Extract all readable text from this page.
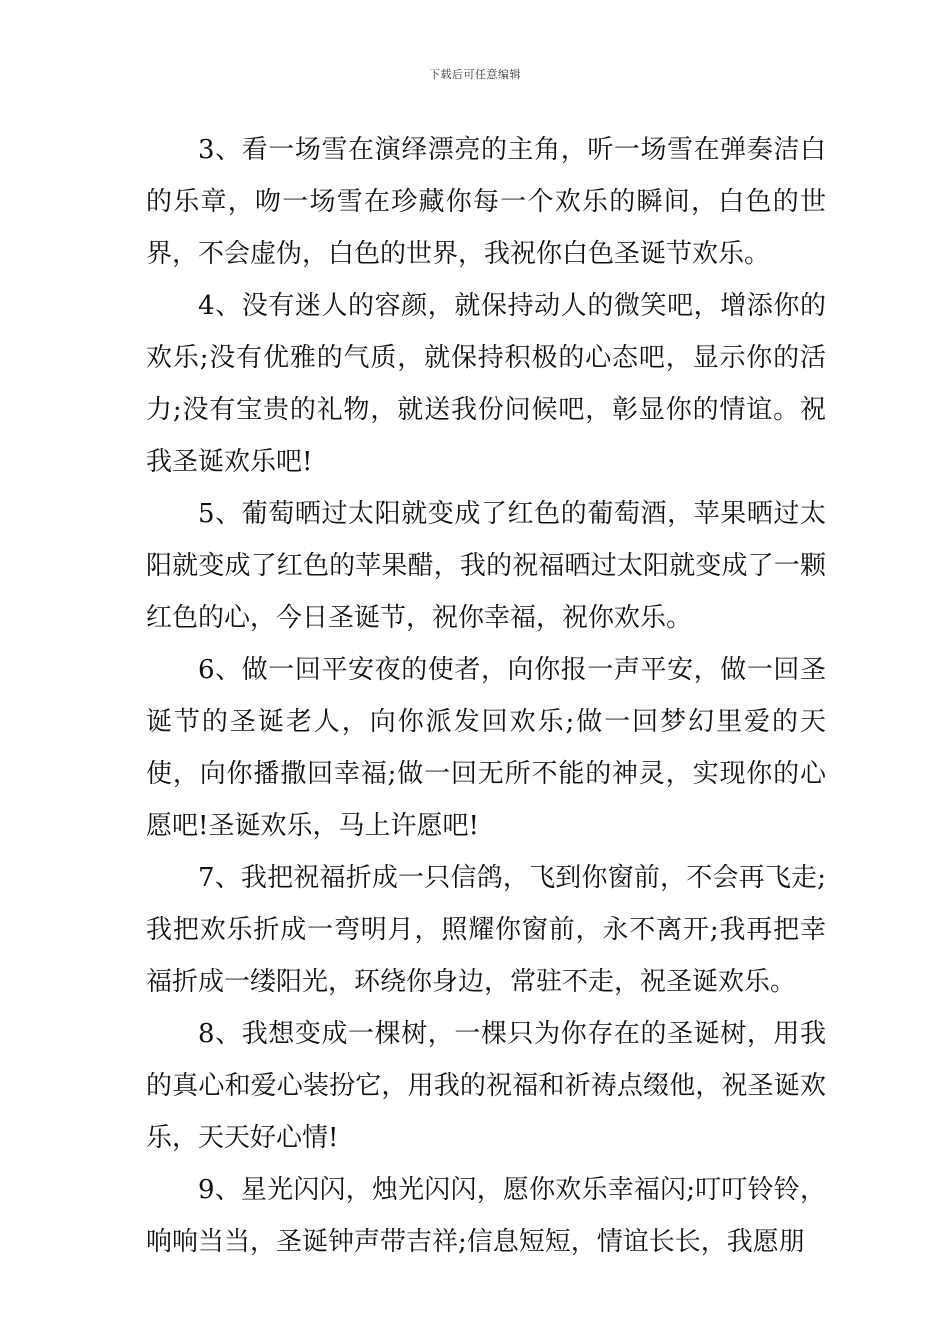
下载后可任意编辑

3、看一场雪在演绎漂亮的主角，听一场雪在弹奏洁白的乐章，吻一场雪在珍藏你每一个欢乐的瞬间，白色的世界，不会虚伪，白色的世界，我祝你白色圣诞节欢乐。

4、没有迷人的容颜，就保持动人的微笑吧，增添你的欢乐;没有优雅的气质，就保持积极的心态吧，显示你的活力;没有宝贵的礼物，就送我份问候吧，彰显你的情谊。祝我圣诞欢乐吧!

5、葡萄晒过太阳就变成了红色的葡萄酒，苹果晒过太阳就变成了红色的苹果醋，我的祝福晒过太阳就变成了一颗红色的心，今日圣诞节，祝你幸福，祝你欢乐。

6、做一回平安夜的使者，向你报一声平安，做一回圣诞节的圣诞老人，向你派发回欢乐;做一回梦幻里爱的天使，向你播撒回幸福;做一回无所不能的神灵，实现你的心愿吧!圣诞欢乐，马上许愿吧!

7、我把祝福折成一只信鸽，飞到你窗前，不会再飞走;我把欢乐折成一弯明月，照耀你窗前，永不离开;我再把幸福折成一缕阳光，环绕你身边，常驻不走，祝圣诞欢乐。

8、我想变成一棵树，一棵只为你存在的圣诞树，用我的真心和爱心装扮它，用我的祝福和祈祷点缀他，祝圣诞欢乐，天天好心情!

9、星光闪闪，烛光闪闪，愿你欢乐幸福闪;叮叮铃铃，响响当当，圣诞钟声带吉祥;信息短短，情谊长长，我愿朋
